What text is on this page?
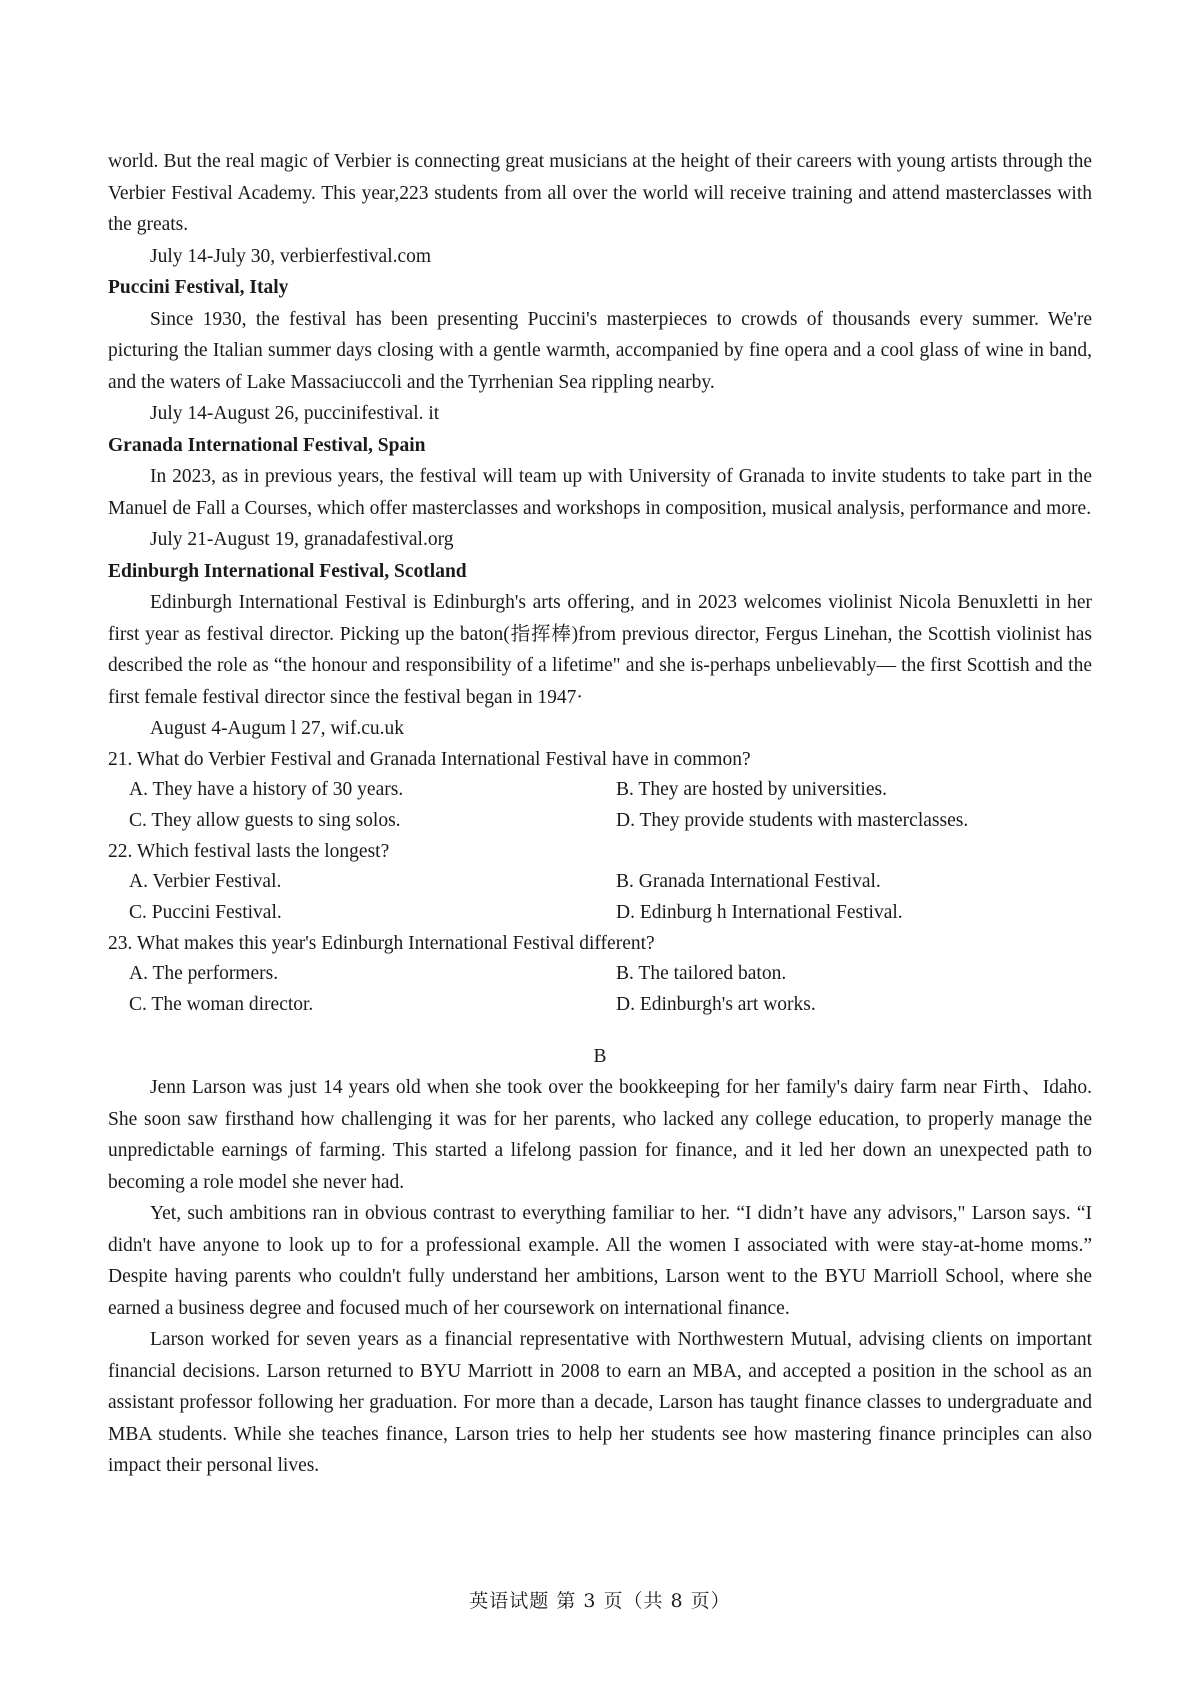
world. But the real magic of Verbier is connecting great musicians at the height of their careers with young artists through the Verbier Festival Academy. This year,223 students from all over the world will receive training and attend masterclasses with the greats.

July 14-July 30, verbierfestival.com

Puccini Festival, Italy

Since 1930, the festival has been presenting Puccini's masterpieces to crowds of thousands every summer. We're picturing the Italian summer days closing with a gentle warmth, accompanied by fine opera and a cool glass of wine in band, and the waters of Lake Massaciuccoli and the Tyrrhenian Sea rippling nearby.

July 14-August 26, puccinifestival. it

Granada International Festival, Spain

In 2023, as in previous years, the festival will team up with University of Granada to invite students to take part in the Manuel de Fall a Courses, which offer masterclasses and workshops in composition, musical analysis, performance and more.

July 21-August 19, granadafestival.org

Edinburgh International Festival, Scotland

Edinburgh International Festival is Edinburgh's arts offering, and in 2023 welcomes violinist Nicola Benuxletti in her first year as festival director. Picking up the baton(指挥棒)from previous director, Fergus Linehan, the Scottish violinist has described the role as “the honour and responsibility of a lifetime" and she is-perhaps unbelievably— the first Scottish and the first female festival director since the festival began in 1947·

August 4-Augum l 27, wif.cu.uk

21. What do Verbier Festival and Granada International Festival have in common?

A. They have a history of 30 years.	B. They are hosted by universities.
C. They allow guests to sing solos.	D. They provide students with masterclasses.

22. Which festival lasts the longest?

A. Verbier Festival.	B. Granada International Festival.
C. Puccini Festival.	D. Edinburg h International Festival.

23. What makes this year's Edinburgh International Festival different?

A. The performers.	B. The tailored baton.
C. The woman director.	D. Edinburgh's art works.

B

Jenn Larson was just 14 years old when she took over the bookkeeping for her family's dairy farm near Firth、Idaho. She soon saw firsthand how challenging it was for her parents, who lacked any college education, to properly manage the unpredictable earnings of farming. This started a lifelong passion for finance, and it led her down an unexpected path to becoming a role model she never had.

Yet, such ambitions ran in obvious contrast to everything familiar to her. “I didn’t have any advisors," Larson says. “I didn't have anyone to look up to for a professional example. All the women I associated with were stay-at-home moms.” Despite having parents who couldn't fully understand her ambitions, Larson went to the BYU Marrioll School, where she earned a business degree and focused much of her coursework on international finance.

Larson worked for seven years as a financial representative with Northwestern Mutual, advising clients on important financial decisions. Larson returned to BYU Marriott in 2008 to earn an MBA, and accepted a position in the school as an assistant professor following her graduation. For more than a decade, Larson has taught finance classes to undergraduate and MBA students. While she teaches finance, Larson tries to help her students see how mastering finance principles can also impact their personal lives.

英语试题 第 3 页（共 8 页）
